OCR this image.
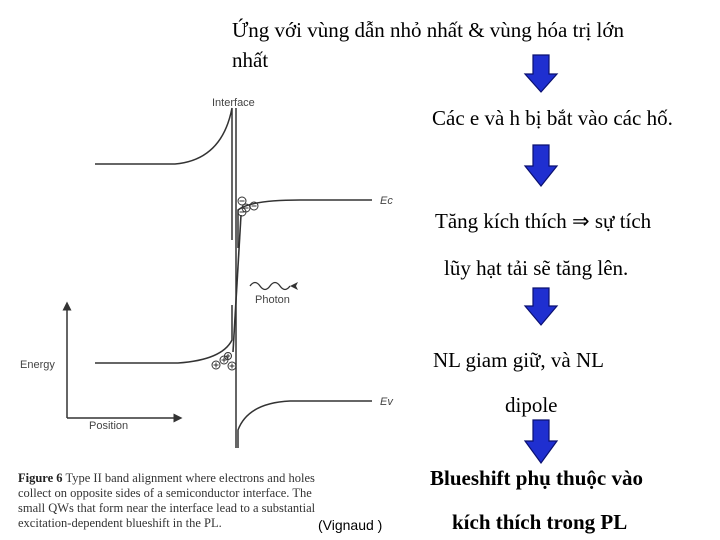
Ứng với vùng dẫn nhỏ nhất & vùng hóa trị lớn
nhất
Các e và h bị bắt vào các hố.
Tăng kích thích ⇒ sự tích
lũy hạt tải sẽ tăng lên.
NL giam giữ, và NL
dipole
Blueshift phụ thuộc vào
kích thích trong PL
Interface
Ec
Ev
Photon
Energy
Position
Figure 6 Type II band alignment where electrons and holes
collect on opposite sides of a semiconductor interface. The
small QWs that form near the interface lead to a substantial
excitation-dependent blueshift in the PL.	(Vignaud )
